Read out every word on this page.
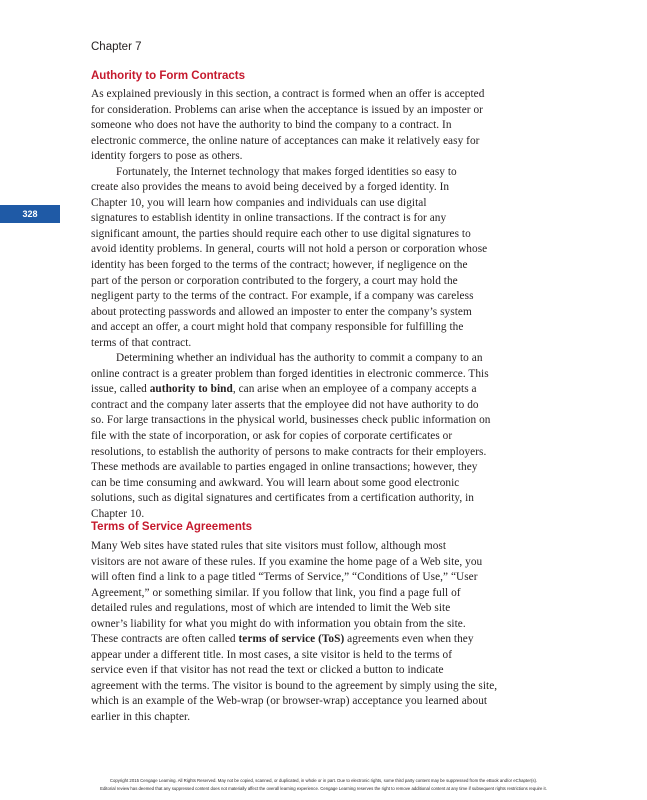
Chapter 7
328
Authority to Form Contracts
As explained previously in this section, a contract is formed when an offer is accepted
for consideration. Problems can arise when the acceptance is issued by an imposter or
someone who does not have the authority to bind the company to a contract. In
electronic commerce, the online nature of acceptances can make it relatively easy for
identity forgers to pose as others.
Fortunately, the Internet technology that makes forged identities so easy to
create also provides the means to avoid being deceived by a forged identity. In
Chapter 10, you will learn how companies and individuals can use digital
signatures to establish identity in online transactions. If the contract is for any
significant amount, the parties should require each other to use digital signatures to
avoid identity problems. In general, courts will not hold a person or corporation whose
identity has been forged to the terms of the contract; however, if negligence on the
part of the person or corporation contributed to the forgery, a court may hold the
negligent party to the terms of the contract. For example, if a company was careless
about protecting passwords and allowed an imposter to enter the company’s system
and accept an offer, a court might hold that company responsible for fulfilling the
terms of that contract.
Determining whether an individual has the authority to commit a company to an
online contract is a greater problem than forged identities in electronic commerce. This
issue, called authority to bind, can arise when an employee of a company accepts a
contract and the company later asserts that the employee did not have authority to do
so. For large transactions in the physical world, businesses check public information on
file with the state of incorporation, or ask for copies of corporate certificates or
resolutions, to establish the authority of persons to make contracts for their employers.
These methods are available to parties engaged in online transactions; however, they
can be time consuming and awkward. You will learn about some good electronic
solutions, such as digital signatures and certificates from a certification authority, in
Chapter 10.
Terms of Service Agreements
Many Web sites have stated rules that site visitors must follow, although most
visitors are not aware of these rules. If you examine the home page of a Web site, you
will often find a link to a page titled “Terms of Service,” “Conditions of Use,” “User
Agreement,” or something similar. If you follow that link, you find a page full of
detailed rules and regulations, most of which are intended to limit the Web site
owner’s liability for what you might do with information you obtain from the site.
These contracts are often called terms of service (ToS) agreements even when they
appear under a different title. In most cases, a site visitor is held to the terms of
service even if that visitor has not read the text or clicked a button to indicate
agreement with the terms. The visitor is bound to the agreement by simply using the site,
which is an example of the Web-wrap (or browser-wrap) acceptance you learned about
earlier in this chapter.
Copyright 2015 Cengage Learning. All Rights Reserved. May not be copied, scanned, or duplicated, in whole or in part. Due to electronic rights, some third party content may be suppressed from the eBook and/or eChapter(s).
Editorial review has deemed that any suppressed content does not materially affect the overall learning experience. Cengage Learning reserves the right to remove additional content at any time if subsequent rights restrictions require it.
